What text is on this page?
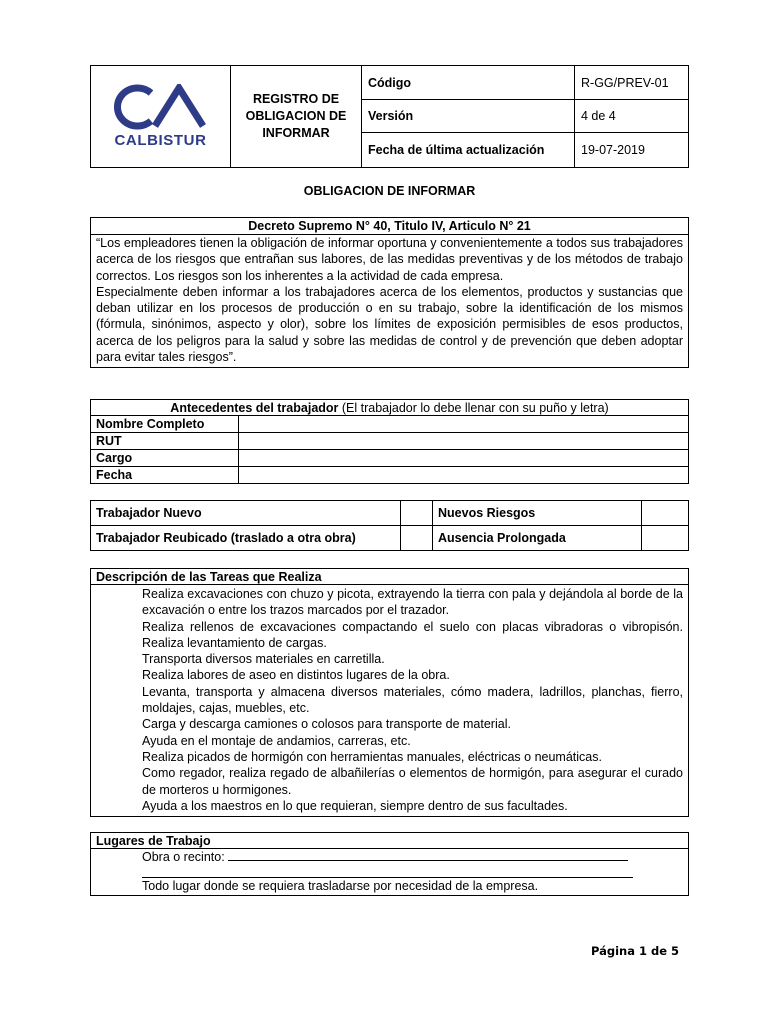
CALBISTUR	REGISTRO DE OBLIGACION DE INFORMAR	Código	R-GG/PREV-01
		Versión	4 de 4
		Fecha de última actualización	19-07-2019
OBLIGACION DE INFORMAR
Decreto Supremo N° 40, Titulo IV, Articulo N° 21

“Los empleadores tienen la obligación de informar oportuna y convenientemente a todos sus trabajadores acerca de los riesgos que entrañan sus labores, de las medidas preventivas y de los métodos de trabajo correctos. Los riesgos son los inherentes a la actividad de cada empresa.
Especialmente deben informar a los trabajadores acerca de los elementos, productos y sustancias que deban utilizar en los procesos de producción o en su trabajo, sobre la identificación de los mismos (fórmula, sinónimos, aspecto y olor), sobre los límites de exposición permisibles de esos productos, acerca de los peligros para la salud y sobre las medidas de control y de prevención que deben adoptar para evitar tales riesgos”.
Antecedentes del trabajador (El trabajador lo debe llenar con su puño y letra)	
Nombre Completo	
RUT	
Cargo	
Fecha	
Trabajador Nuevo		Nuevos Riesgos	
Trabajador Reubicado (traslado a otra obra)		Ausencia Prolongada	
Descripción de las Tareas que Realiza

Realiza excavaciones con chuzo y picota, extrayendo la tierra con pala y dejándola al borde de la excavación o entre los trazos marcados por el trazador.
Realiza rellenos de excavaciones compactando el suelo con placas vibradoras o vibropisón. Realiza levantamiento de cargas.
Transporta diversos materiales en carretilla.
Realiza labores de aseo en distintos lugares de la obra.
Levanta, transporta y almacena diversos materiales, cómo madera, ladrillos, planchas, fierro, moldajes, cajas, muebles, etc.
Carga y descarga camiones o colosos para transporte de material.
Ayuda en el montaje de andamios, carreras, etc.
Realiza picados de hormigón con herramientas manuales, eléctricas o neumáticas.
Como regador, realiza regado de albañilerías o elementos de hormigón, para asegurar el curado de morteros u hormigones.
Ayuda a los maestros en lo que requieran, siempre dentro de sus facultades.
Lugares de Trabajo

Obra o recinto:
Todo lugar donde se requiera trasladarse por necesidad de la empresa.
Página 1 de 5
